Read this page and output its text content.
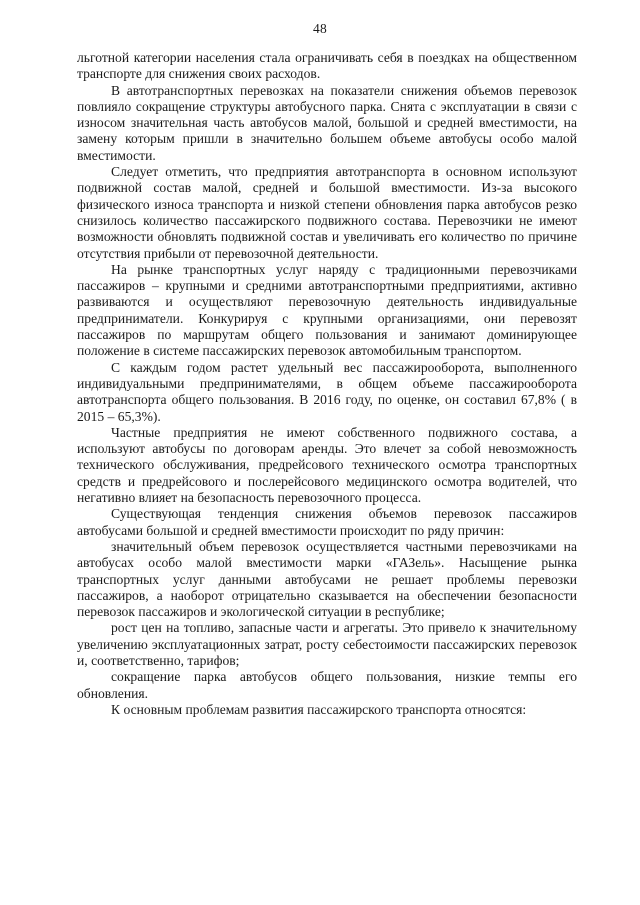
48

льготной категории населения стала ограничивать себя в поездках на общественном транспорте для снижения своих расходов.

В автотранспортных перевозках на показатели снижения объемов перевозок повлияло сокращение структуры автобусного парка. Снята с эксплуатации в связи с износом значительная часть автобусов малой, большой и средней вместимости, на замену которым пришли в значительно большем объеме автобусы особо малой вместимости.

Следует отметить, что предприятия автотранспорта в основном используют подвижной состав малой, средней и большой вместимости. Из-за высокого физического износа транспорта и низкой степени обновления парка автобусов резко снизилось количество пассажирского подвижного состава. Перевозчики не имеют возможности обновлять подвижной состав и увеличивать его количество по причине отсутствия прибыли от перевозочной деятельности.

На рынке транспортных услуг наряду с традиционными перевозчиками пассажиров – крупными и средними автотранспортными предприятиями, активно развиваются и осуществляют перевозочную деятельность индивидуальные предприниматели. Конкурируя с крупными организациями, они перевозят пассажиров по маршрутам общего пользования и занимают доминирующее положение в системе пассажирских перевозок автомобильным транспортом.

С каждым годом растет удельный вес пассажирооборота, выполненного индивидуальными предпринимателями, в общем объеме пассажирооборота автотранспорта общего пользования. В 2016 году, по оценке, он составил 67,8% ( в 2015 – 65,3%).

Частные предприятия не имеют собственного подвижного состава, а используют автобусы по договорам аренды. Это влечет за собой невозможность технического обслуживания, предрейсового технического осмотра транспортных средств и предрейсового и послерейсового медицинского осмотра водителей, что негативно влияет на безопасность перевозочного процесса.

Существующая тенденция снижения объемов перевозок пассажиров автобусами большой и средней вместимости происходит по ряду причин:

значительный объем перевозок осуществляется частными перевозчиками на автобусах особо малой вместимости марки «ГАЗель». Насыщение рынка транспортных услуг данными автобусами не решает проблемы перевозки пассажиров, а наоборот отрицательно сказывается на обеспечении безопасности перевозок пассажиров и экологической ситуации в республике;

рост цен на топливо, запасные части и агрегаты. Это привело к значительному увеличению эксплуатационных затрат, росту себестоимости пассажирских перевозок и, соответственно, тарифов;

сокращение парка автобусов общего пользования, низкие темпы его обновления.

К основным проблемам развития пассажирского транспорта относятся:
